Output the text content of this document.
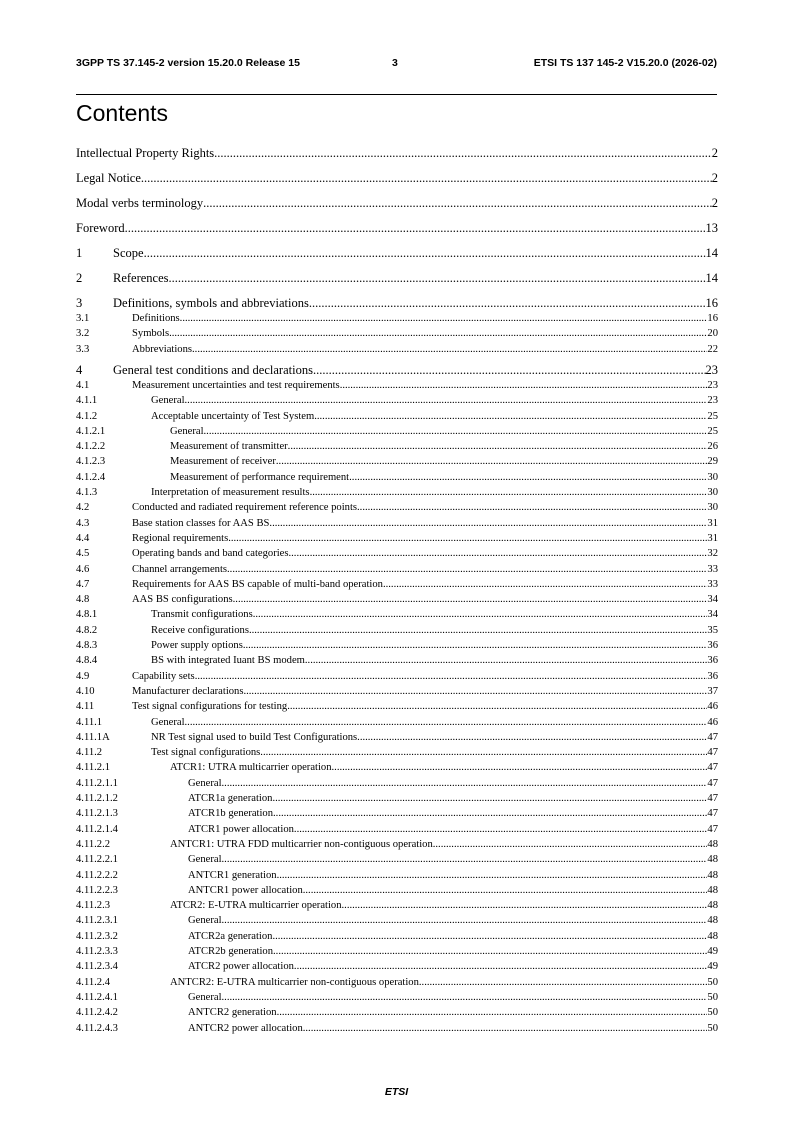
3GPP TS 37.145-2 version 15.20.0 Release 15	3	ETSI TS 137 145-2 V15.20.0 (2026-02)
Contents
Intellectual Property Rights .....	2
Legal Notice .....	2
Modal verbs terminology .....	2
Foreword .....	13
1 Scope .....	14
2 References .....	14
3 Definitions, symbols and abbreviations .....	16
3.1	Definitions .....	16
3.2	Symbols .....	20
3.3	Abbreviations .....	22
4 General test conditions and declarations .....	23
4.1	Measurement uncertainties and test requirements .....	23
4.1.1	General .....	23
4.1.2	Acceptable uncertainty of Test System .....	25
4.1.2.1	General .....	25
4.1.2.2	Measurement of transmitter .....	26
4.1.2.3	Measurement of receiver .....	29
4.1.2.4	Measurement of performance requirement .....	30
4.1.3	Interpretation of measurement results .....	30
4.2	Conducted and radiated requirement reference points .....	30
4.3	Base station classes for AAS BS .....	31
4.4	Regional requirements .....	31
4.5	Operating bands and band categories .....	32
4.6	Channel arrangements .....	33
4.7	Requirements for AAS BS capable of multi-band operation .....	33
4.8	AAS BS configurations .....	34
4.8.1	Transmit configurations .....	34
4.8.2	Receive configurations .....	35
4.8.3	Power supply options .....	36
4.8.4	BS with integrated Iuant BS modem .....	36
4.9	Capability sets .....	36
4.10	Manufacturer declarations .....	37
4.11	Test signal configurations for testing .....	46
4.11.1	General .....	46
4.11.1A	NR Test signal used to build Test Configurations .....	47
4.11.2	Test signal configurations .....	47
4.11.2.1	ATCR1: UTRA multicarrier operation .....	47
4.11.2.1.1	General .....	47
4.11.2.1.2	ATCR1a generation .....	47
4.11.2.1.3	ATCR1b generation .....	47
4.11.2.1.4	ATCR1 power allocation .....	47
4.11.2.2	ANTCR1: UTRA FDD multicarrier non-contiguous operation .....	48
4.11.2.2.1	General .....	48
4.11.2.2.2	ANTCR1 generation .....	48
4.11.2.2.3	ANTCR1 power allocation .....	48
4.11.2.3	ATCR2: E-UTRA multicarrier operation .....	48
4.11.2.3.1	General .....	48
4.11.2.3.2	ATCR2a generation .....	48
4.11.2.3.3	ATCR2b generation .....	49
4.11.2.3.4	ATCR2 power allocation .....	49
4.11.2.4	ANTCR2: E-UTRA multicarrier non-contiguous operation .....	50
4.11.2.4.1	General .....	50
4.11.2.4.2	ANTCR2 generation .....	50
4.11.2.4.3	ANTCR2 power allocation .....	50
ETSI
